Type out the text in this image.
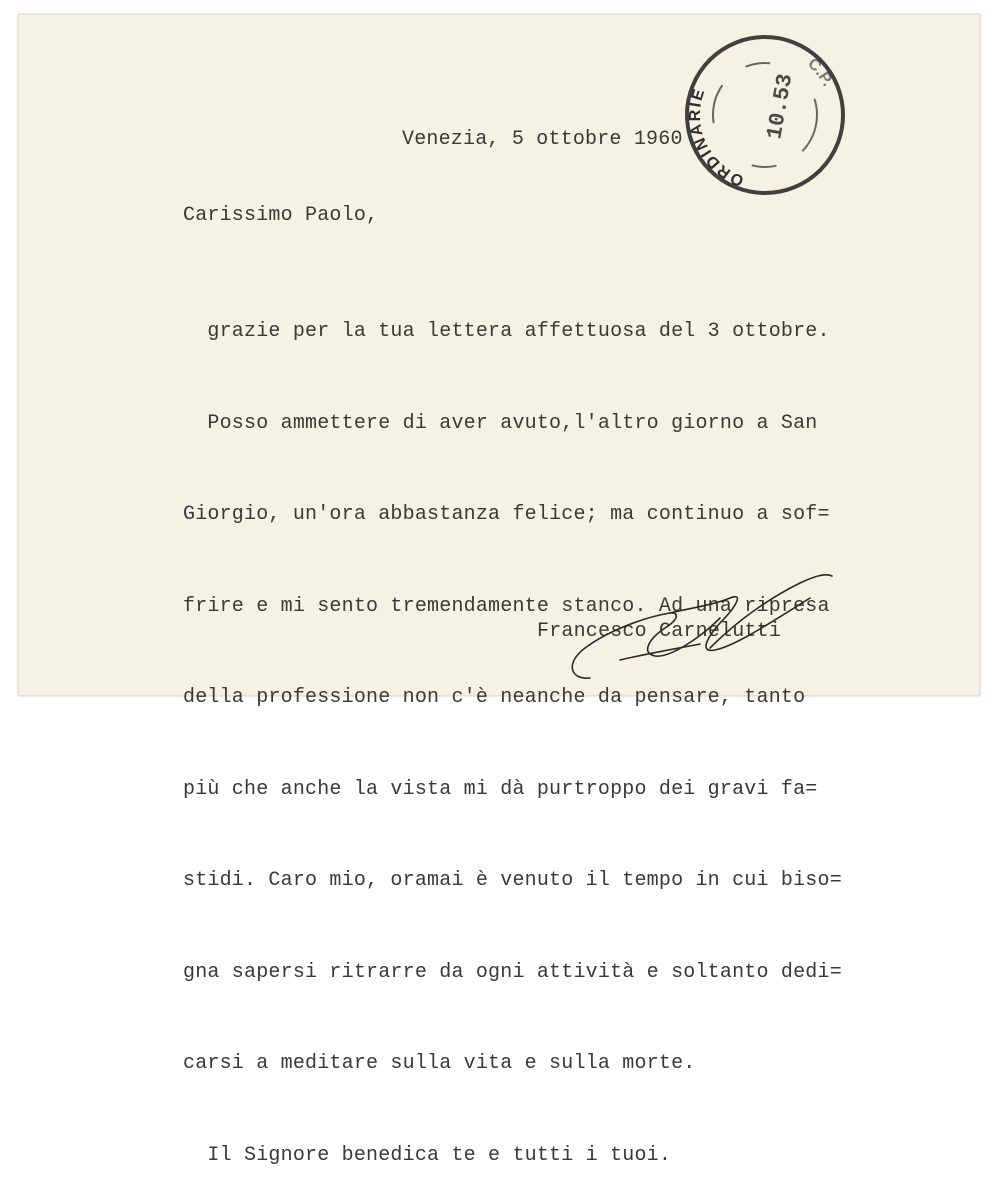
ORDINARIE
C.P.
10.53
Venezia, 5 ottobre 1960
Carissimo Paolo,

grazie per la tua lettera affettuosa del 3 ottobre.

Posso ammettere di aver avuto,l'altro giorno a San

Giorgio, un'ora abbastanza felice; ma continuo a sof=

frire e mi sento tremendamente stanco. Ad una ripresa

della professione non c'è neanche da pensare, tanto

più che anche la vista mi dà purtroppo dei gravi fa=

stidi. Caro mio, oramai è venuto il tempo in cui biso=

gna sapersi ritrarre da ogni attività e soltanto dedi=

carsi a meditare sulla vita e sulla morte.

Il Signore benedica te e tutti i tuoi.

Francesco Carnelutti
